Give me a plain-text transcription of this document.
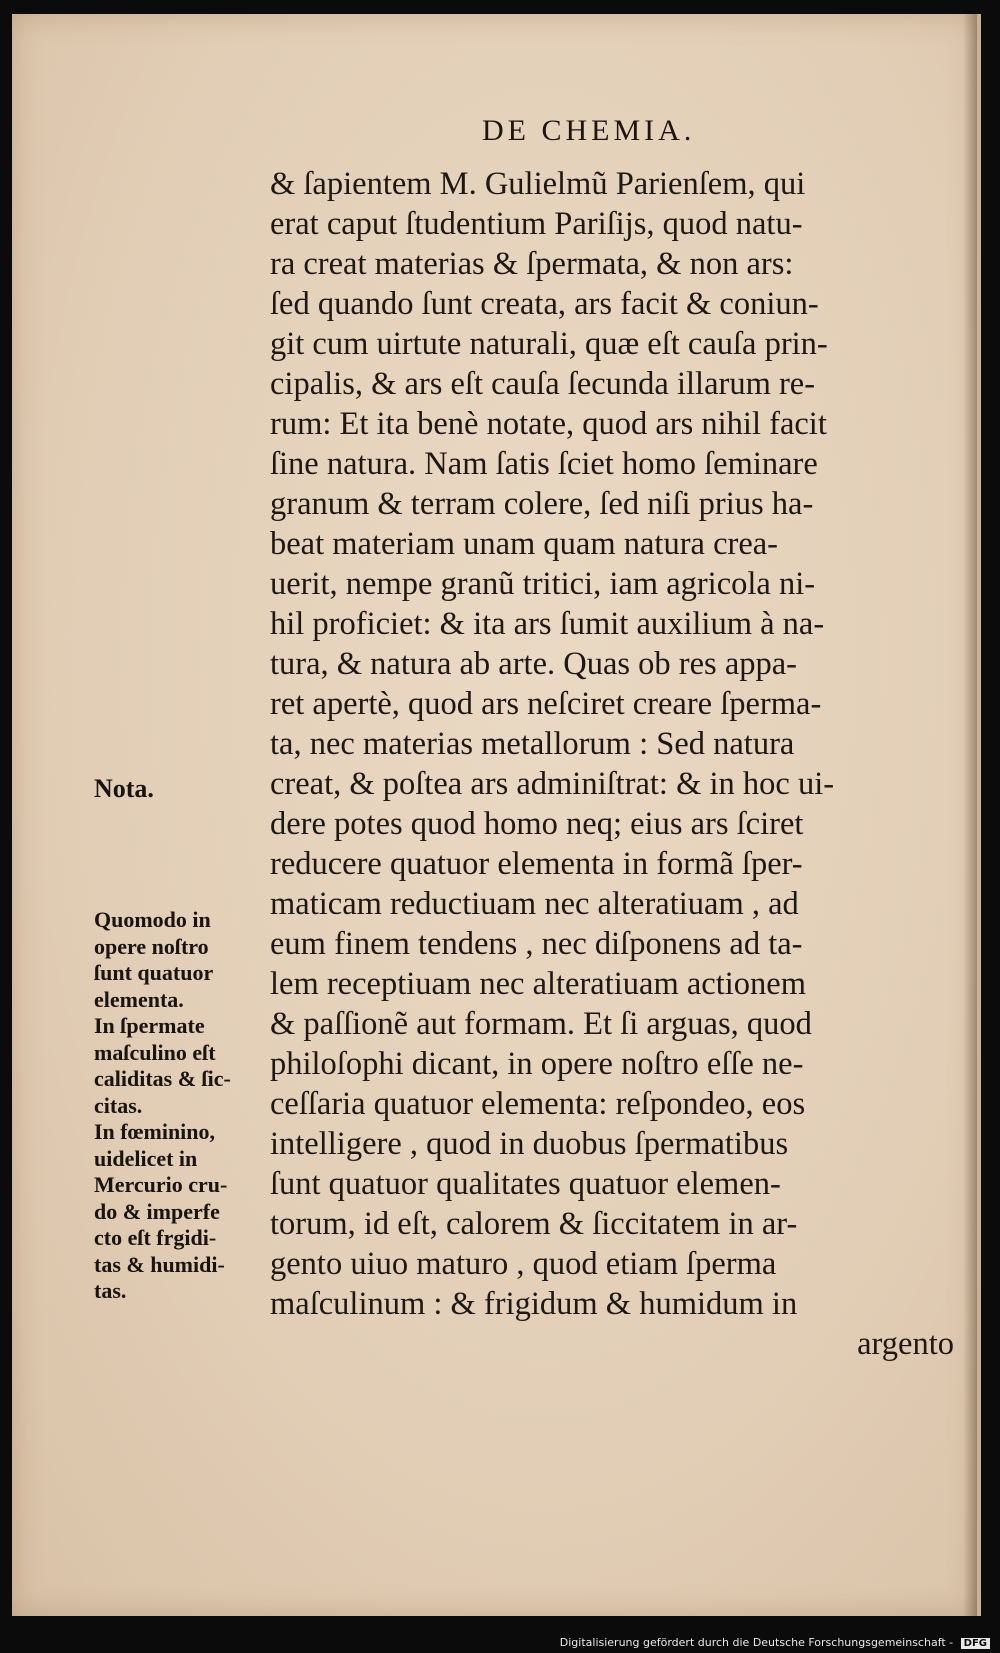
DE CHEMIA.
& ſapientem M. Gulielmũ Parienſem, qui
erat caput ſtudentium Pariſijs, quod natu-
ra creat materias & ſpermata, & non ars:
ſed quando ſunt creata, ars facit & coniun-
git cum uirtute naturali, quæ eſt cauſa prin-
cipalis, & ars eſt cauſa ſecunda illarum re-
rum: Et ita benè notate, quod ars nihil facit
ſine natura. Nam ſatis ſciet homo ſeminare
granum & terram colere, ſed niſi prius ha-
beat materiam unam quam natura crea-
uerit, nempe granũ tritici, iam agricola ni-
hil proficiet: & ita ars ſumit auxilium à na-
tura, & natura ab arte. Quas ob res appa-
ret apertè, quod ars neſciret creare ſperma-
ta, nec materias metallorum : Sed natura
creat, & poſtea ars adminiſtrat: & in hoc ui-
dere potes quod homo neq; eius ars ſciret
reducere quatuor elementa in formã ſper-
maticam reductiuam nec alteratiuam , ad
eum finem tendens , nec diſponens ad ta-
lem receptiuam nec alteratiuam actionem
& paſſionẽ aut formam. Et ſi arguas, quod
philoſophi dicant, in opere noſtro eſſe ne-
ceſſaria quatuor elementa: reſpondeo, eos
intelligere , quod in duobus ſpermatibus
ſunt quatuor qualitates quatuor elemen-
torum, id eſt, calorem & ſiccitatem in ar-
gento uiuo maturo , quod etiam ſperma
maſculinum : & frigidum & humidum in
argento
Nota.
Quomodo in
opere noſtro
ſunt quatuor
elementa.
In ſpermate
maſculino eſt
caliditas & ſic-
citas.
In fœminino,
uidelicet in
Mercurio cru-
do & imperfe
cto eſt frgidi-
tas & humidi-
tas.
Digitalisierung gefördert durch die Deutsche Forschungsgemeinschaft - DFG
